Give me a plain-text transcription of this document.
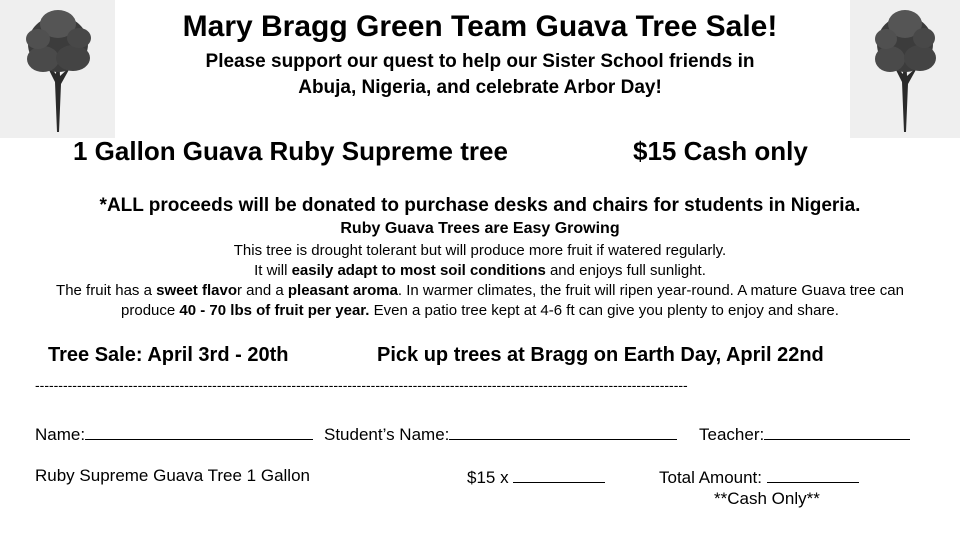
Mary Bragg Green Team Guava Tree Sale!
Please support our quest to help our Sister School friends in
Abuja, Nigeria, and celebrate Arbor Day!
1 Gallon Guava Ruby Supreme tree	$15 Cash only
*ALL proceeds will be donated to purchase desks and chairs for students in Nigeria.
Ruby Guava Trees are Easy Growing
This tree is drought tolerant but will produce more fruit if watered regularly.
It will easily adapt to most soil conditions and enjoys full sunlight.
The fruit has a sweet flavor and a pleasant aroma. In warmer climates, the fruit will ripen year-round. A mature Guava tree can
produce 40 - 70 lbs of fruit per year. Even a patio tree kept at 4-6 ft can give you plenty to enjoy and share.
Tree Sale: April 3rd - 20th	Pick up trees at Bragg on Earth Day, April 22nd
--------------------------------------------------------------------------------------------------------------------------------------------
Name:	Student’s Name:	Teacher:
Ruby Supreme Guava Tree 1 Gallon	$15 x	Total Amount:
**Cash Only**
